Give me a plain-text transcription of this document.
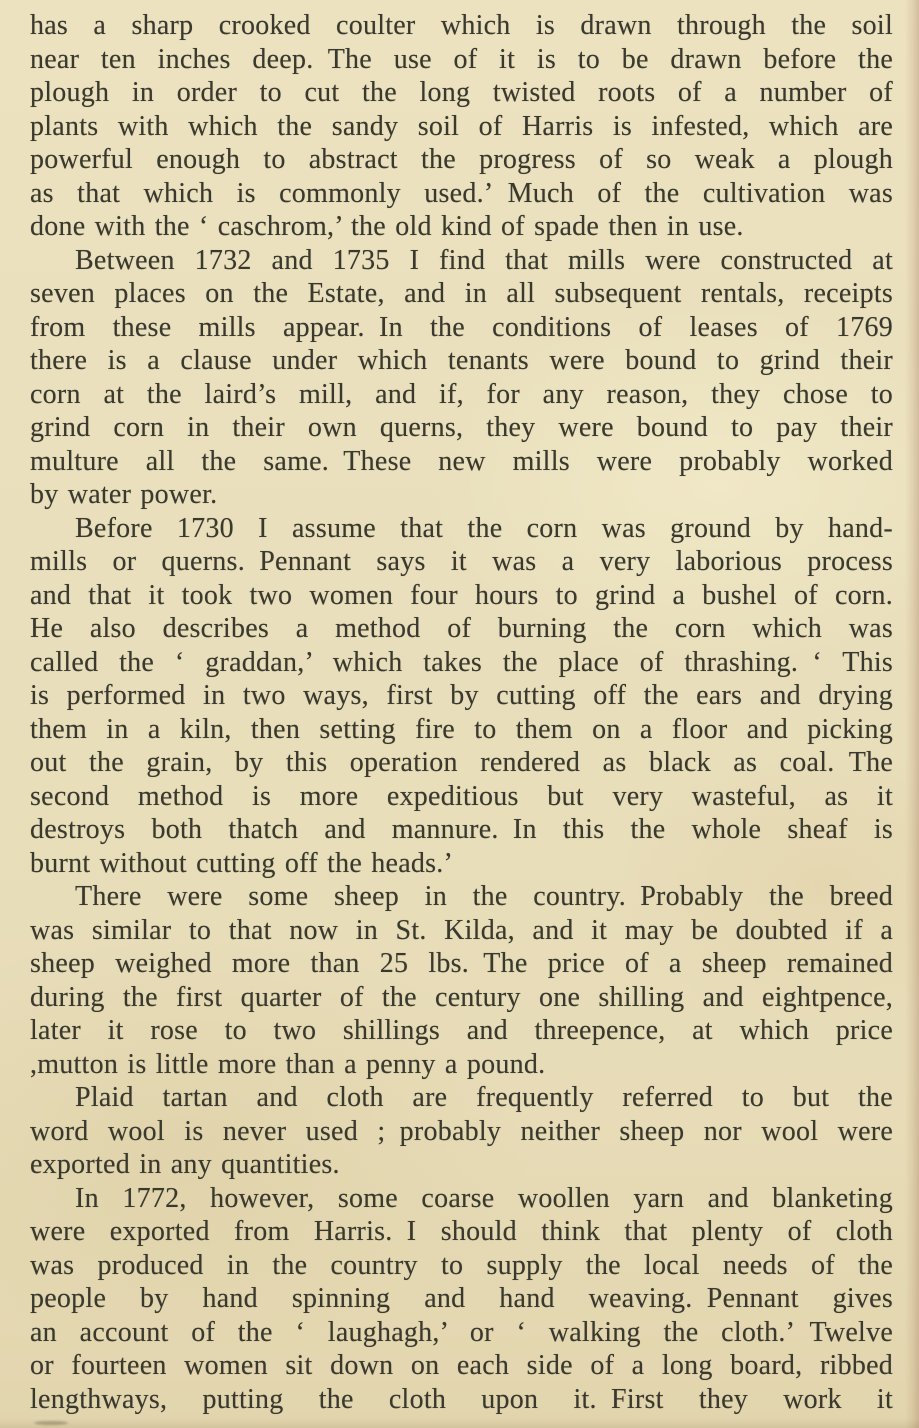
has a sharp crooked coulter which is drawn through the soil
near ten inches deep. The use of it is to be drawn before the
plough in order to cut the long twisted roots of a number of
plants with which the sandy soil of Harris is infested, which are
powerful enough to abstract the progress of so weak a plough
as that which is commonly used.’ Much of the cultivation was
done with the ‘ caschrom,’ the old kind of spade then in use.
Between 1732 and 1735 I find that mills were constructed at
seven places on the Estate, and in all subsequent rentals, receipts
from these mills appear. In the conditions of leases of 1769
there is a clause under which tenants were bound to grind their
corn at the laird’s mill, and if, for any reason, they chose to
grind corn in their own querns, they were bound to pay their
multure all the same. These new mills were probably worked
by water power.
Before 1730 I assume that the corn was ground by hand-
mills or querns. Pennant says it was a very laborious process
and that it took two women four hours to grind a bushel of corn.
He also describes a method of burning the corn which was
called the ‘ graddan,’ which takes the place of thrashing. ‘ This
is performed in two ways, first by cutting off the ears and drying
them in a kiln, then setting fire to them on a floor and picking
out the grain, by this operation rendered as black as coal. The
second method is more expeditious but very wasteful, as it
destroys both thatch and mannure. In this the whole sheaf is
burnt without cutting off the heads.’
There were some sheep in the country. Probably the breed
was similar to that now in St. Kilda, and it may be doubted if a
sheep weighed more than 25 lbs. The price of a sheep remained
during the first quarter of the century one shilling and eightpence,
later it rose to two shillings and threepence, at which price
,mutton is little more than a penny a pound.
Plaid tartan and cloth are frequently referred to but the
word wool is never used ; probably neither sheep nor wool were
exported in any quantities.
In 1772, however, some coarse woollen yarn and blanketing
were exported from Harris. I should think that plenty of cloth
was produced in the country to supply the local needs of the
people by hand spinning and hand weaving. Pennant gives
an account of the ‘ laughagh,’ or ‘ walking the cloth.’ Twelve
or fourteen women sit down on each side of a long board, ribbed
lengthways, putting the cloth upon it. First they work it
